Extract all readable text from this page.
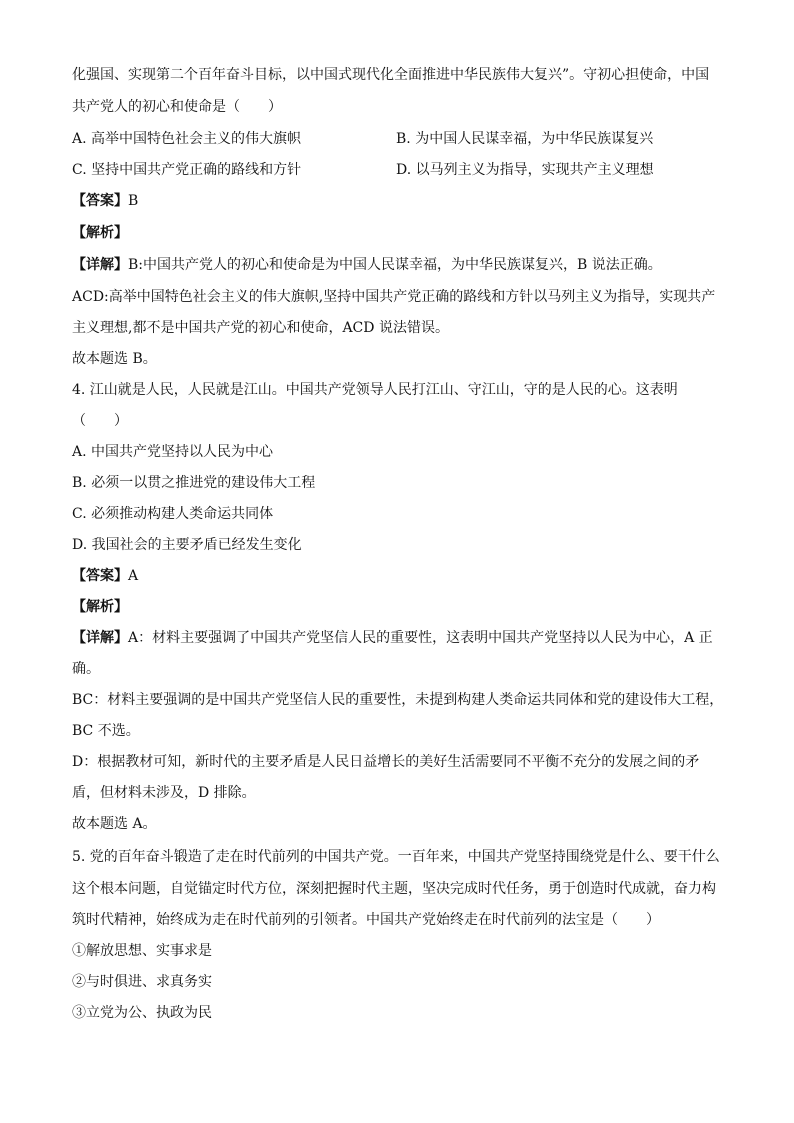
化强国、实现第二个百年奋斗目标，以中国式现代化全面推进中华民族伟大复兴”。守初心担使命，中国
共产党人的初心和使命是（　　）
A. 高举中国特色社会主义的伟大旗帜	B. 为中国人民谋幸福，为中华民族谋复兴
C. 坚持中国共产党正确的路线和方针	D. 以马列主义为指导，实现共产主义理想
【答案】B
【解析】
【详解】B:中国共产党人的初心和使命是为中国人民谋幸福，为中华民族谋复兴，B 说法正确。
ACD:高举中国特色社会主义的伟大旗帜,坚持中国共产党正确的路线和方针以马列主义为指导，实现共产
主义理想,都不是中国共产党的初心和使命，ACD 说法错误。
故本题选 B。
4. 江山就是人民，人民就是江山。中国共产党领导人民打江山、守江山，守的是人民的心。这表明
（　　）
A. 中国共产党坚持以人民为中心
B. 必须一以贯之推进党的建设伟大工程
C. 必须推动构建人类命运共同体
D. 我国社会的主要矛盾已经发生变化
【答案】A
【解析】
【详解】A：材料主要强调了中国共产党坚信人民的重要性，这表明中国共产党坚持以人民为中心，A 正
确。
BC：材料主要强调的是中国共产党坚信人民的重要性，未提到构建人类命运共同体和党的建设伟大工程，
BC 不选。
D：根据教材可知，新时代的主要矛盾是人民日益增长的美好生活需要同不平衡不充分的发展之间的矛
盾，但材料未涉及，D 排除。
故本题选 A。
5. 党的百年奋斗锻造了走在时代前列的中国共产党。一百年来，中国共产党坚持围绕党是什么、要干什么
这个根本问题，自觉锚定时代方位，深刻把握时代主题，坚决完成时代任务，勇于创造时代成就，奋力构
筑时代精神，始终成为走在时代前列的引领者。中国共产党始终走在时代前列的法宝是（　　）
①解放思想、实事求是
②与时俱进、求真务实
③立党为公、执政为民
